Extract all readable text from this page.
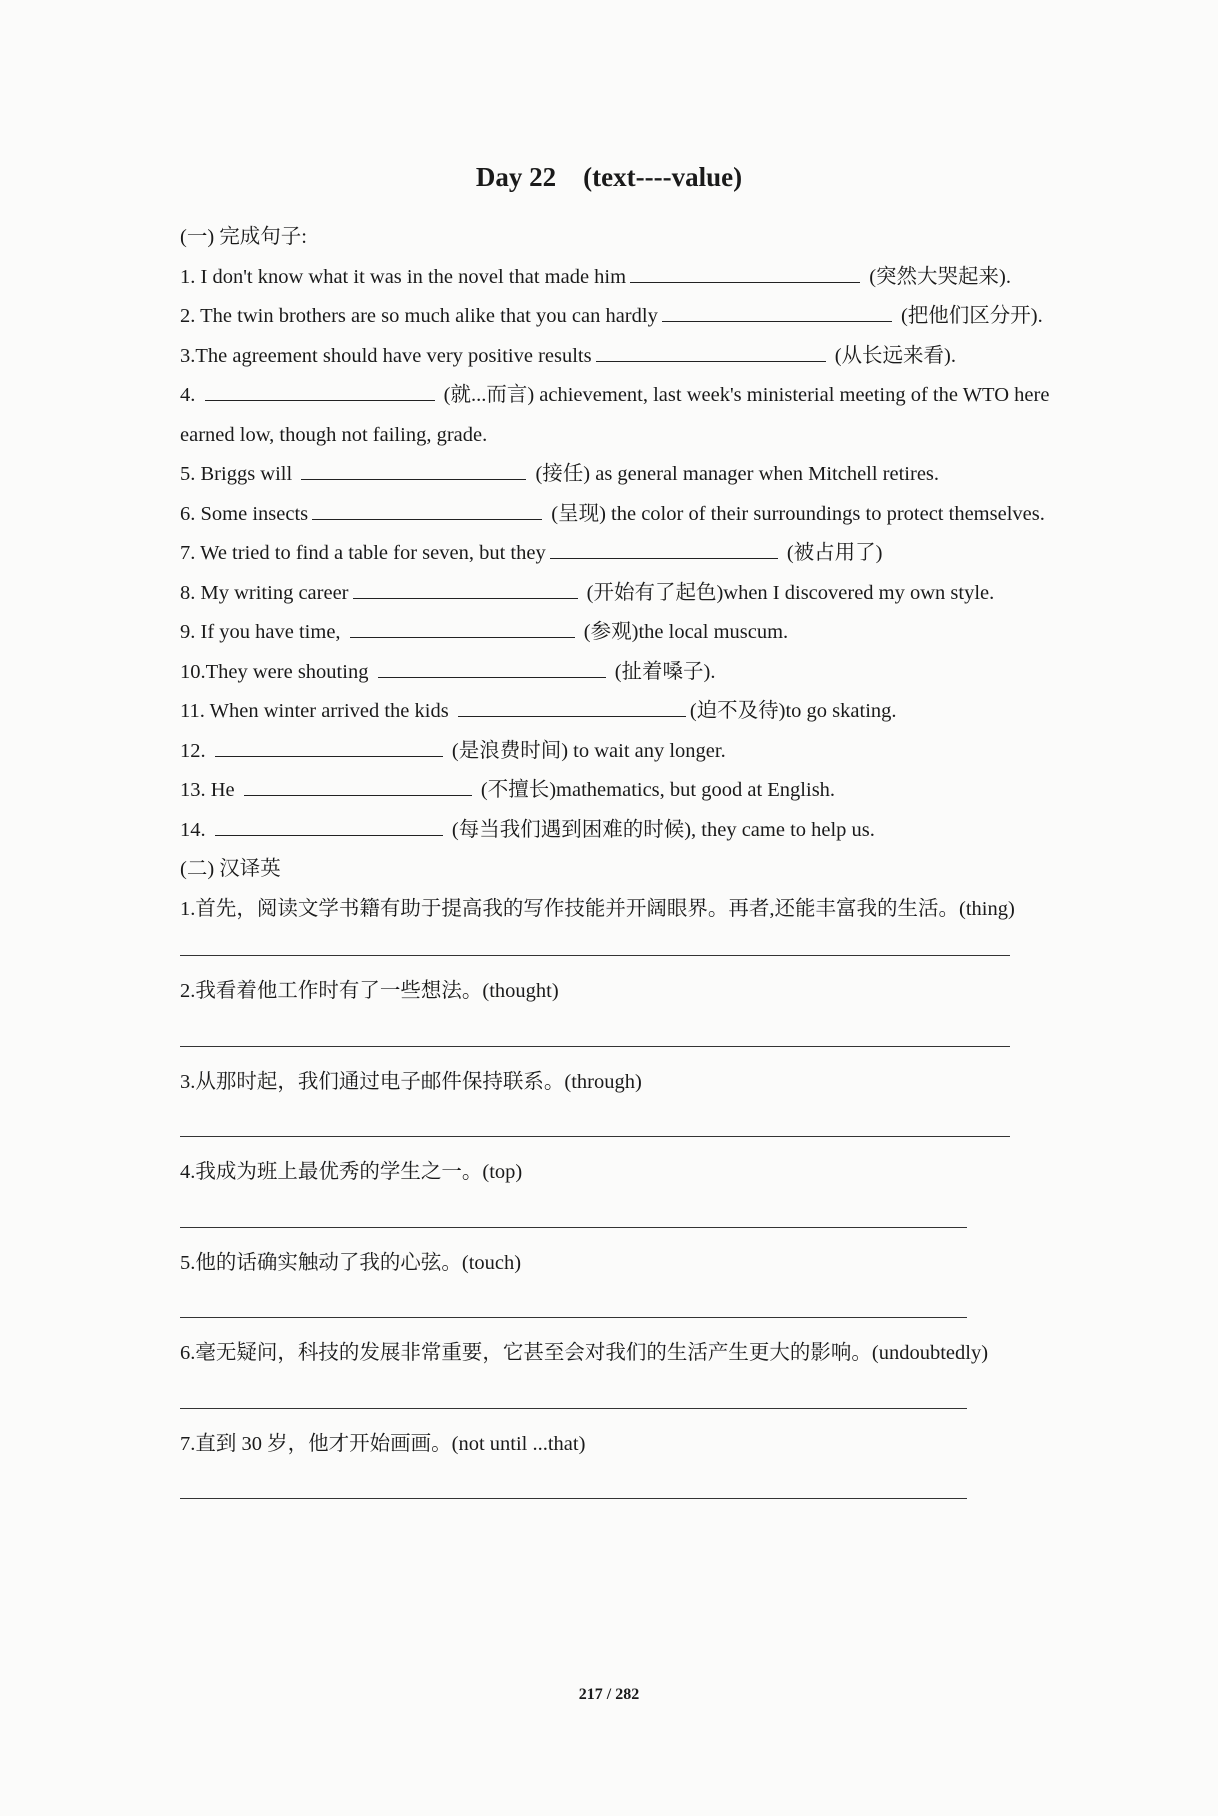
Day 22    (text----value)
(一) 完成句子:
1. I don't know what it was in the novel that made him	(突然大哭起来).
2. The twin brothers are so much alike that you can hardly	(把他们区分开).
3.The agreement should have very positive results	(从长远来看).
4.	(就...而言) achievement, last week's ministerial meeting of the WTO here earned low, though not failing, grade.
5. Briggs will	(接任) as general manager when Mitchell retires.
6. Some insects	(呈现) the color of their surroundings to protect themselves.
7. We tried to find a table for seven, but they	(被占用了)
8. My writing career	(开始有了起色)when I discovered my own style.
9. If you have time,	(参观)the local muscum.
10.They were shouting	(扯着嗓子).
11. When winter arrived the kids	(迫不及待)to go skating.
12.	(是浪费时间) to wait any longer.
13. He	(不擅长)mathematics, but good at English.
14.	(每当我们遇到困难的时候), they came to help us.
(二) 汉译英
1.首先，阅读文学书籍有助于提高我的写作技能并开阔眼界。再者,还能丰富我的生活。(thing)
2.我看着他工作时有了一些想法。(thought)
3.从那时起，我们通过电子邮件保持联系。(through)
4.我成为班上最优秀的学生之一。(top)
5.他的话确实触动了我的心弦。(touch)
6.毫无疑问，科技的发展非常重要，它甚至会对我们的生活产生更大的影响。(undoubtedly)
7.直到 30 岁，他才开始画画。(not until ...that)
217 / 282
